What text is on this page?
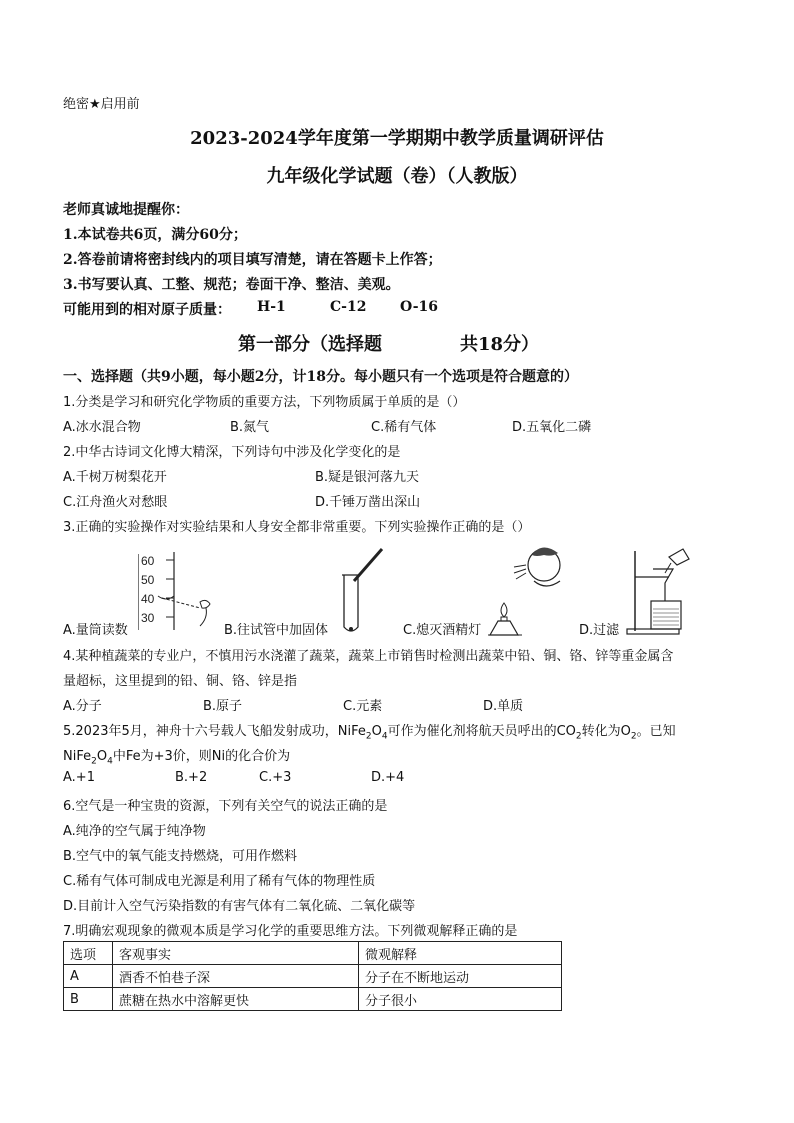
绝密★启用前
2023-2024学年度第一学期期中教学质量调研评估
九年级化学试题（卷）（人教版）
老师真诚地提醒你：
1.本试卷共6页，满分60分；
2.答卷前请将密封线内的项目填写清楚，请在答题卡上作答；
3.书写要认真、工整、规范；卷面干净、整洁、美观。
可能用到的相对原子质量： H-1	C-12 O-16
第一部分（选择题	共18分）
一、选择题（共9小题，每小题2分，计18分。每小题只有一个选项是符合题意的）
1.分类是学习和研究化学物质的重要方法，下列物质属于单质的是（）
A.冰水混合物	B.氮气	C.稀有气体	D.五氧化二磷
2.中华古诗词文化博大精深，下列诗句中涉及化学变化的是
A.千树万树梨花开	B.疑是银河落九天
C.江舟渔火对愁眼	D.千锤万凿出深山
3.正确的实验操作对实验结果和人身安全都非常重要。下列实验操作正确的是（）
60
50
40
30
A.量筒读数	B.往试管中加固体	C.熄灭酒精灯	D.过滤
4.某种植蔬菜的专业户，不慎用污水浇灌了蔬菜，蔬菜上市销售时检测出蔬菜中铅、铜、铬、锌等重金属含
量超标，这里提到的铅、铜、铬、锌是指
A.分子	B.原子	C.元素	D.单质
5.2023年5月，神舟十六号载人飞船发射成功，$NiFe_2O_4$可作为催化剂将航天员呼出的$CO_2$转化为$O_2$。已知
$NiFe_2O_4$中Fe为+3价，则Ni的化合价为
A.+1	B.+2	C.+3	D.+4
6.空气是一种宝贵的资源，下列有关空气的说法正确的是
A.纯净的空气属于纯净物
B.空气中的氧气能支持燃烧，可用作燃料
C.稀有气体可制成电光源是利用了稀有气体的物理性质
D.目前计入空气污染指数的有害气体有二氧化硫、二氧化碳等
7.明确宏观现象的微观本质是学习化学的重要思维方法。下列微观解释正确的是
选项	客观事实	微观解释
A	酒香不怕巷子深	分子在不断地运动
B	蔗糖在热水中溶解更快	分子很小
